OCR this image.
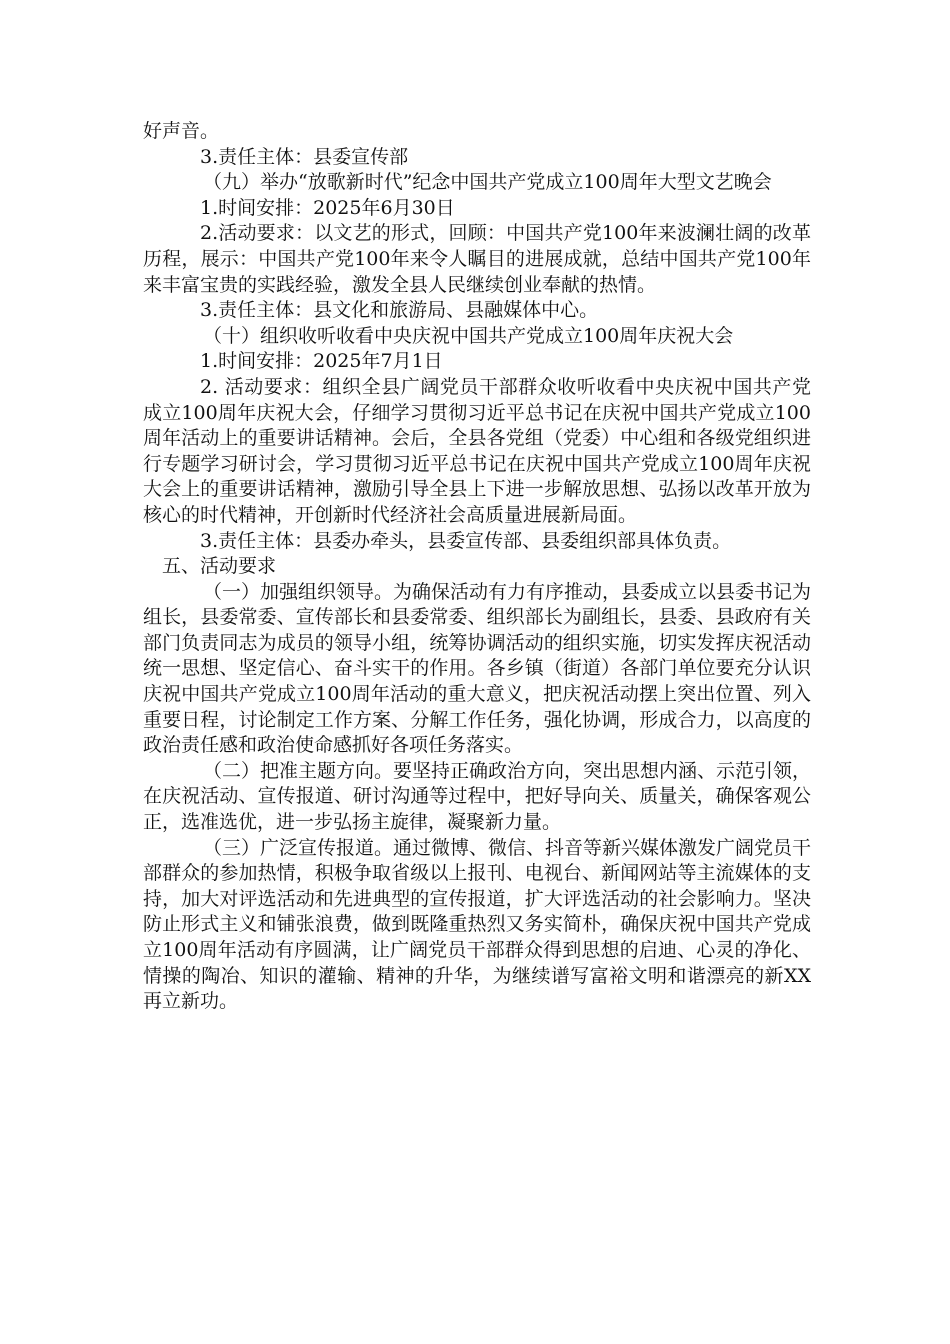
好声音。

3.责任主体：县委宣传部

（九）举办“放歌新时代”纪念中国共产党成立100周年大型文艺晚会

1.时间安排：2025年6月30日

2.活动要求：以文艺的形式，回顾：中国共产党100年来波澜壮阔的改革历程，展示：中国共产党100年来令人瞩目的进展成就，总结中国共产党100年来丰富宝贵的实践经验，激发全县人民继续创业奉献的热情。

3.责任主体：县文化和旅游局、县融媒体中心。

（十）组织收听收看中央庆祝中国共产党成立100周年庆祝大会

1.时间安排：2025年7月1日

2. 活动要求：组织全县广阔党员干部群众收听收看中央庆祝中国共产党成立100周年庆祝大会，仔细学习贯彻习近平总书记在庆祝中国共产党成立100周年活动上的重要讲话精神。会后，全县各党组（党委）中心组和各级党组织进行专题学习研讨会，学习贯彻习近平总书记在庆祝中国共产党成立100周年庆祝大会上的重要讲话精神，激励引导全县上下进一步解放思想、弘扬以改革开放为核心的时代精神，开创新时代经济社会高质量进展新局面。

3.责任主体：县委办牵头，县委宣传部、县委组织部具体负责。

五、活动要求

（一）加强组织领导。为确保活动有力有序推动，县委成立以县委书记为组长，县委常委、宣传部长和县委常委、组织部长为副组长，县委、县政府有关部门负责同志为成员的领导小组，统筹协调活动的组织实施，切实发挥庆祝活动统一思想、坚定信心、奋斗实干的作用。各乡镇（街道）各部门单位要充分认识庆祝中国共产党成立100周年活动的重大意义，把庆祝活动摆上突出位置、列入重要日程，讨论制定工作方案、分解工作任务，强化协调，形成合力，以高度的政治责任感和政治使命感抓好各项任务落实。

（二）把准主题方向。要坚持正确政治方向，突出思想内涵、示范引领，在庆祝活动、宣传报道、研讨沟通等过程中，把好导向关、质量关，确保客观公正，选准选优，进一步弘扬主旋律，凝聚新力量。

（三）广泛宣传报道。通过微博、微信、抖音等新兴媒体激发广阔党员干部群众的参加热情，积极争取省级以上报刊、电视台、新闻网站等主流媒体的支持，加大对评选活动和先进典型的宣传报道，扩大评选活动的社会影响力。坚决防止形式主义和铺张浪费，做到既隆重热烈又务实简朴，确保庆祝中国共产党成立100周年活动有序圆满，让广阔党员干部群众得到思想的启迪、心灵的净化、情操的陶冶、知识的灌输、精神的升华，为继续谱写富裕文明和谐漂亮的新XX再立新功。
